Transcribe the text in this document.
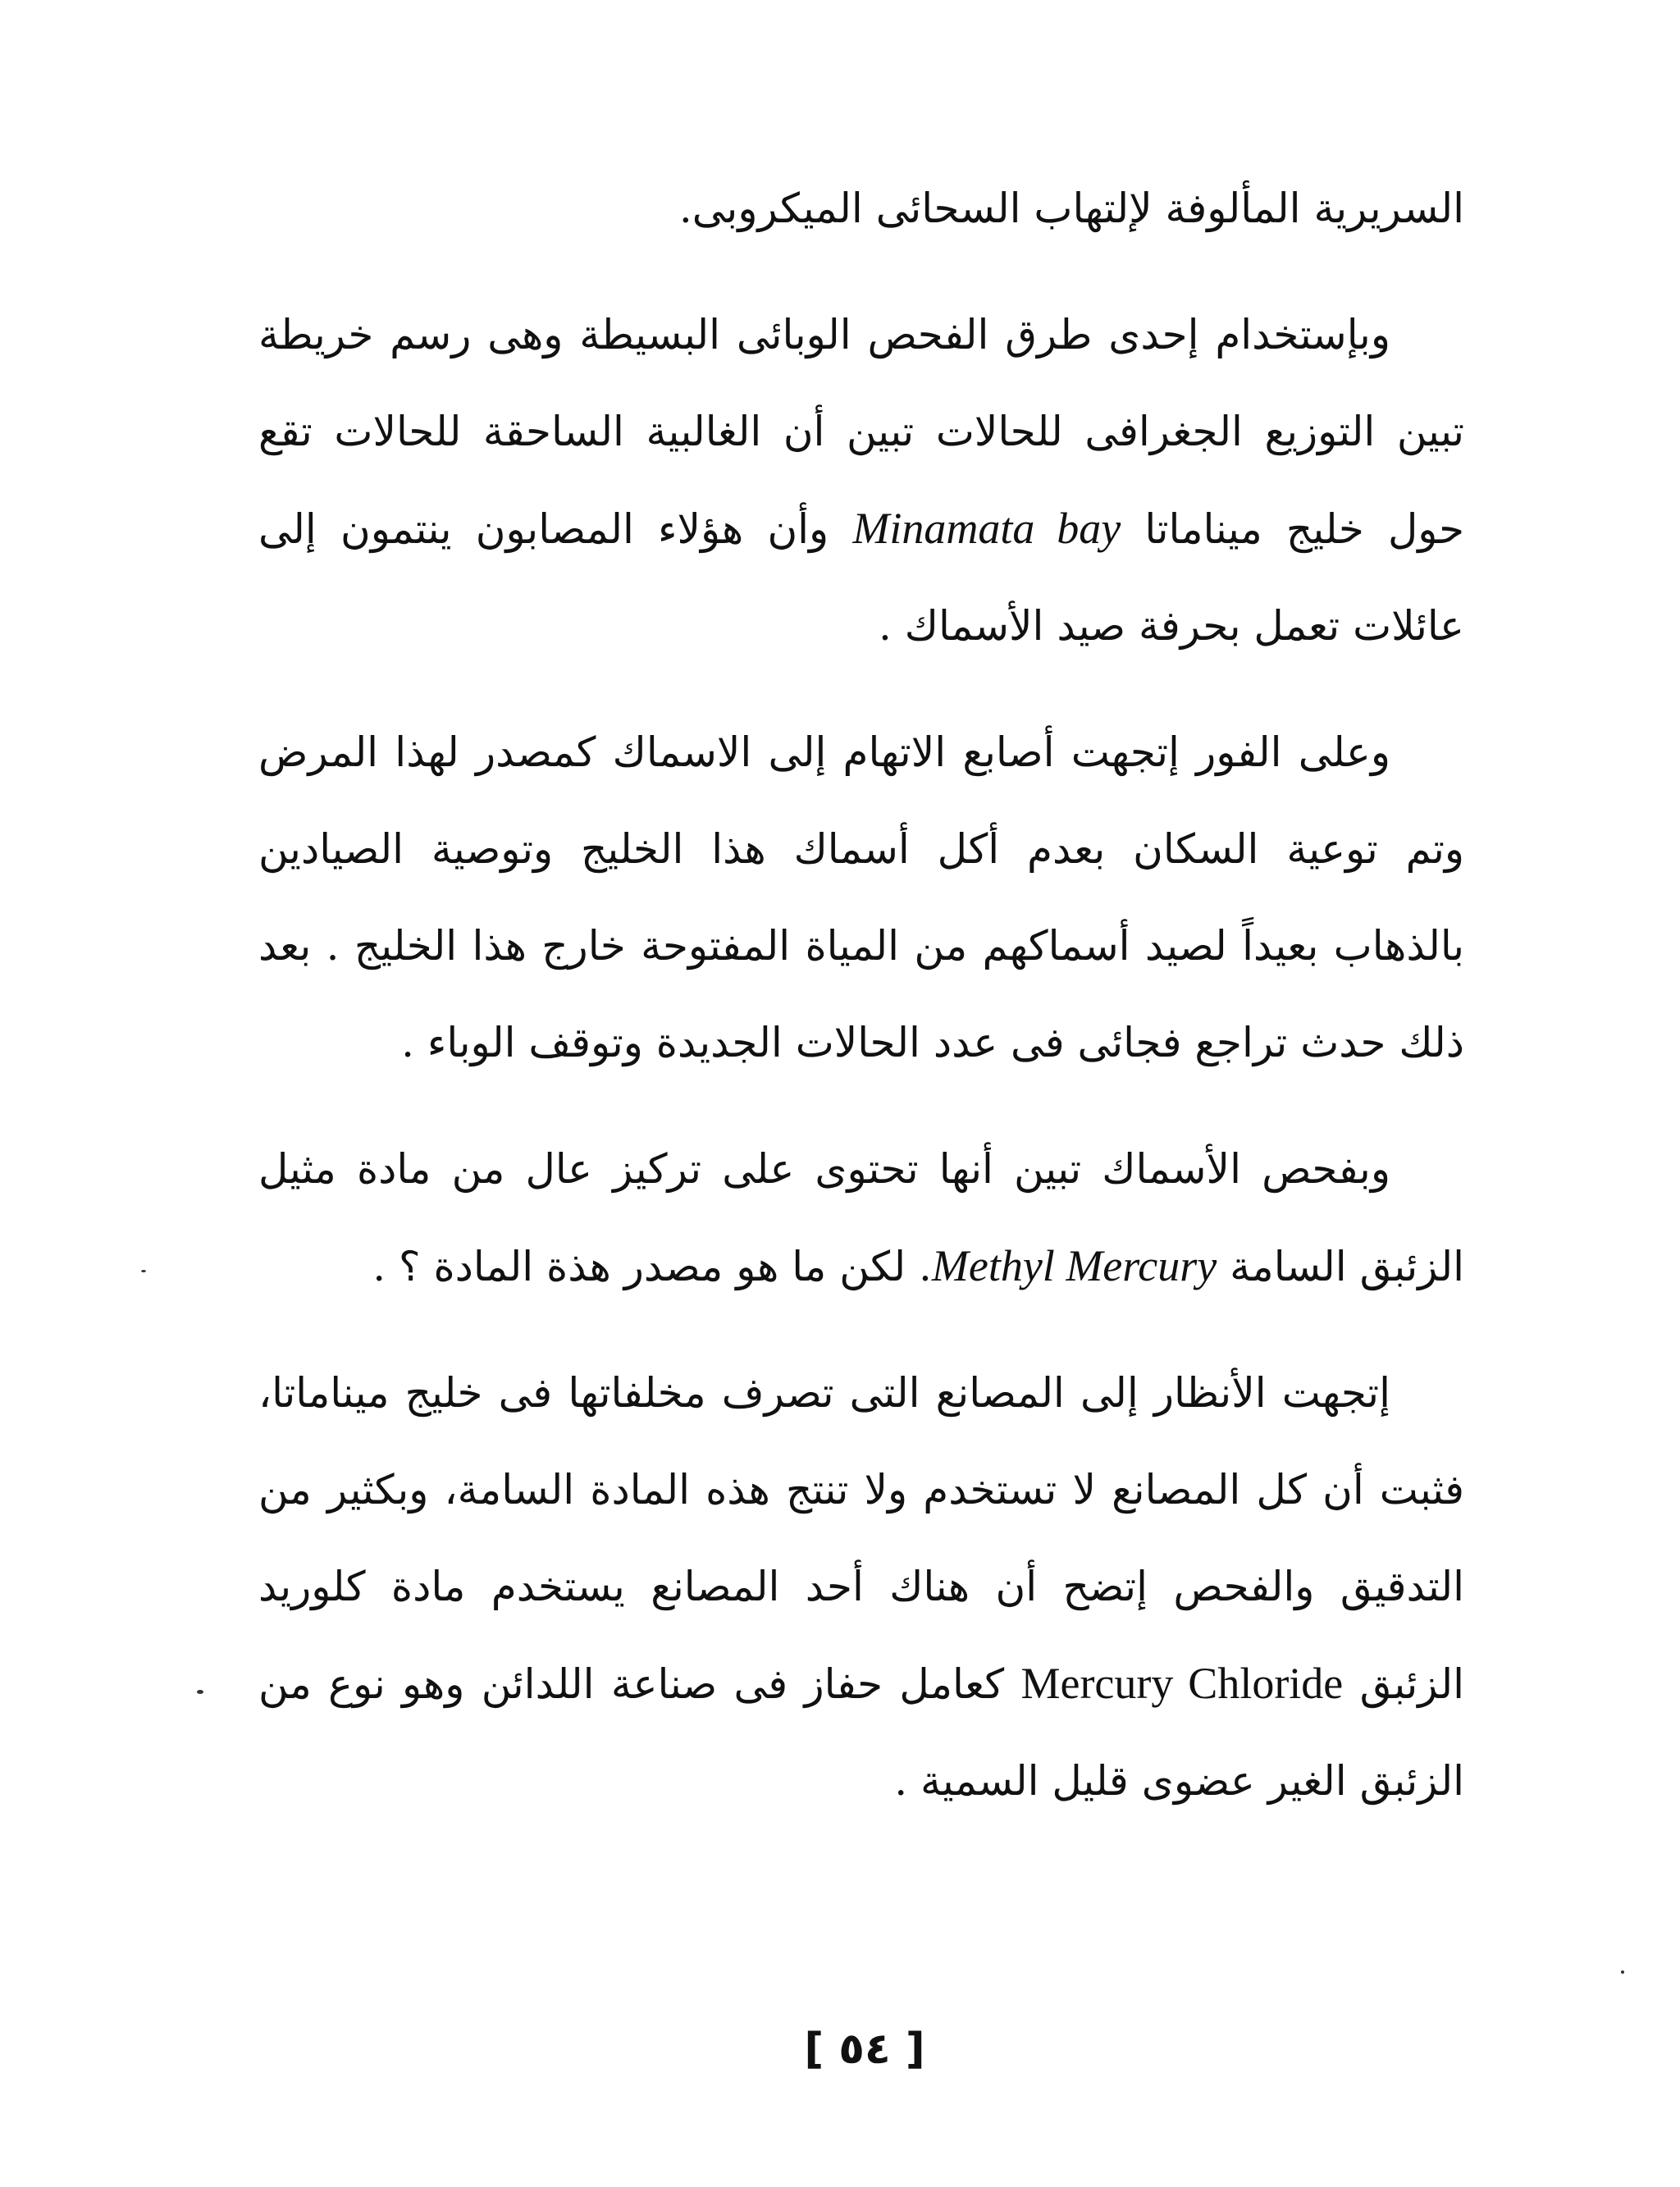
السريرية المألوفة لإلتهاب السحائى الميكروبى.

وبإستخدام إحدى طرق الفحص الوبائى البسيطة وهى رسم خريطة تبين التوزيع الجغرافى للحالات تبين أن الغالبية الساحقة للحالات تقع حول خليج ميناماتا Minamata bay وأن هؤلاء المصابون ينتمون إلى عائلات تعمل بحرفة صيد الأسماك .

وعلى الفور إتجهت أصابع الاتهام إلى الاسماك كمصدر لهذا المرض وتم توعية السكان بعدم أكل أسماك هذا الخليج وتوصية الصيادين بالذهاب بعيداً لصيد أسماكهم من المياة المفتوحة خارج هذا الخليج . بعد ذلك حدث تراجع فجائى فى عدد الحالات الجديدة وتوقف الوباء .

وبفحص الأسماك تبين أنها تحتوى على تركيز عال من مادة مثيل الزئبق السامة Methyl Mercury. لكن ما هو مصدر هذة المادة ؟ .

إتجهت الأنظار إلى المصانع التى تصرف مخلفاتها فى خليج ميناماتا، فثبت أن كل المصانع لا تستخدم ولا تنتج هذه المادة السامة، وبكثير من التدقيق والفحص إتضح أن هناك أحد المصانع يستخدم مادة كلوريد الزئبق Mercury Chloride كعامل حفاز فى صناعة اللدائن وهو نوع من الزئبق الغير عضوى قليل السمية .

[ ٥٤ ]
